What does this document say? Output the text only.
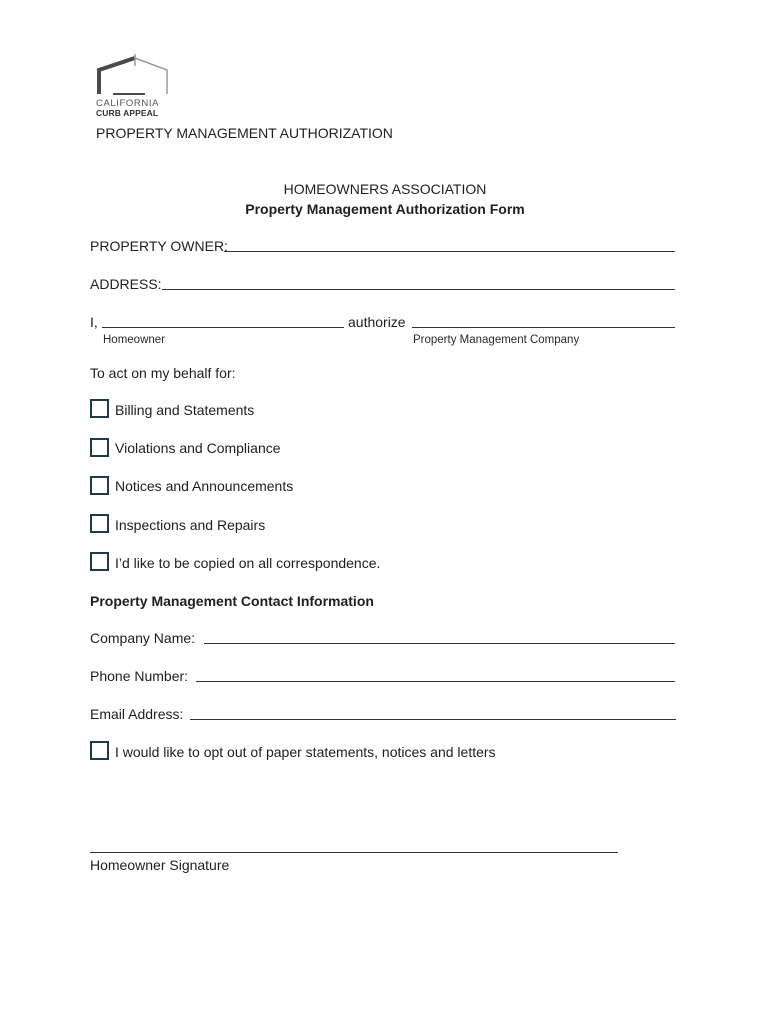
CALIFORNIA
CURB APPEAL
PROPERTY MANAGEMENT AUTHORIZATION
HOMEOWNERS ASSOCIATION
Property Management Authorization Form
PROPERTY OWNER:
ADDRESS:
I,	authorize
Homeowner	Property Management Company
To act on my behalf for:
Billing and Statements
Violations and Compliance
Notices and Announcements
Inspections and Repairs
I’d like to be copied on all correspondence.
Property Management Contact Information
Company Name:
Phone Number:
Email Address:
I would like to opt out of paper statements, notices and letters
Homeowner Signature
